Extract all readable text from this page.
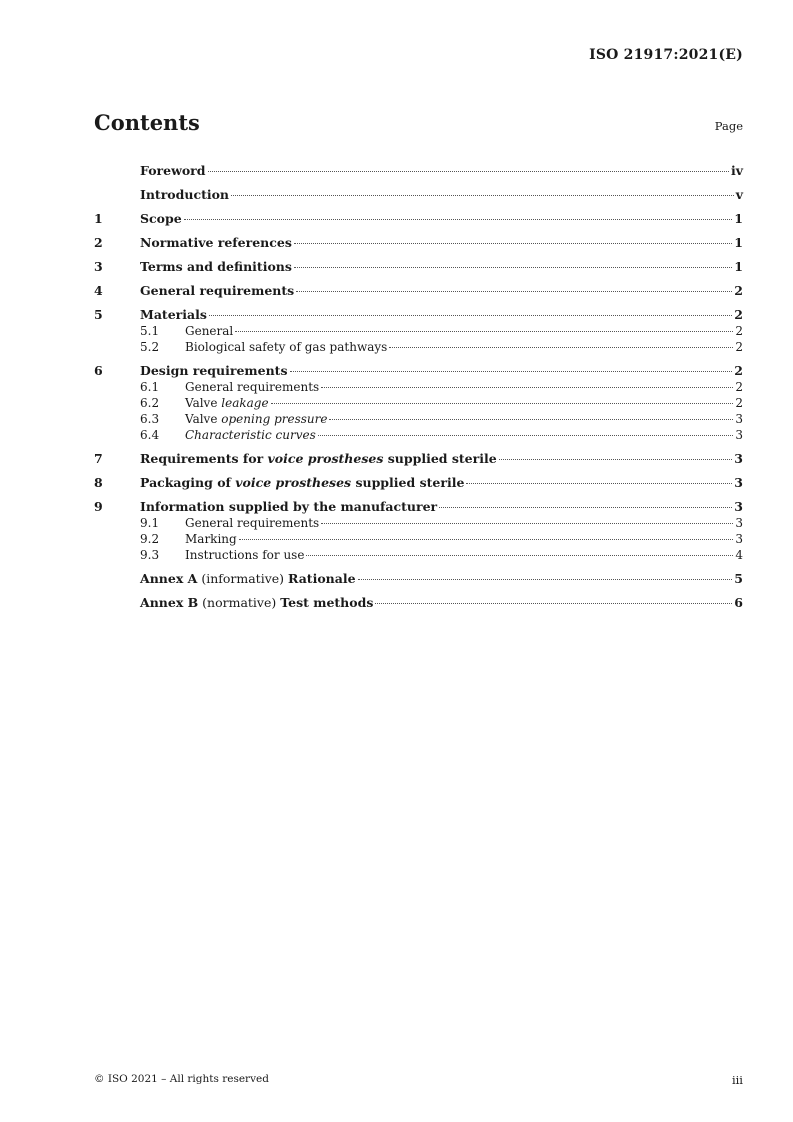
ISO 21917:2021(E)
Contents	Page
Foreword	iv
Introduction	v
1	Scope	1
2	Normative references	1
3	Terms and definitions	1
4	General requirements	2
5	Materials	2
5.1	General	2
5.2	Biological safety of gas pathways	2
6	Design requirements	2
6.1	General requirements	2
6.2	Valve leakage	2
6.3	Valve opening pressure	3
6.4	Characteristic curves	3
7	Requirements for voice prostheses supplied sterile	3
8	Packaging of voice prostheses supplied sterile	3
9	Information supplied by the manufacturer	3
9.1	General requirements	3
9.2	Marking	3
9.3	Instructions for use	4
Annex A (informative) Rationale	5
Annex B (normative) Test methods	6
© ISO 2021 – All rights reserved	iii
